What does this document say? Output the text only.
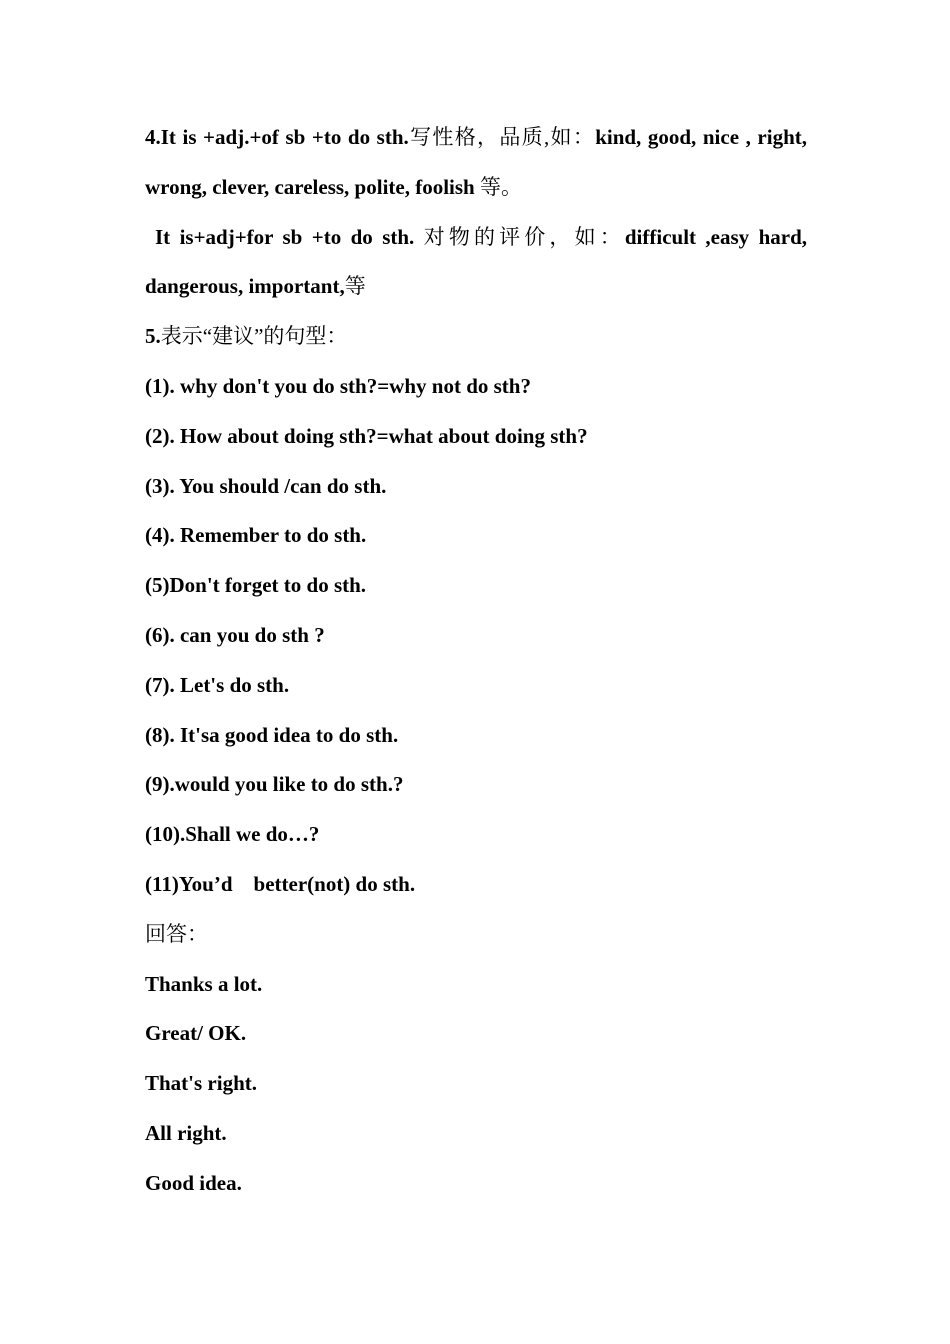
4.It is +adj.+of sb +to do sth.写性格，品质,如：kind, good, nice , right,
wrong, clever, careless, polite, foolish 等。
It is+adj+for sb +to do sth. 对物的评价，如：difficult ,easy hard,
dangerous, important,等
5.表示“建议”的句型：
(1). why don't you do sth?=why not do sth?
(2). How about doing sth?=what about doing sth?
(3). You should /can do sth.
(4). Remember to do sth.
(5)Don't forget to do sth.
(6). can you do sth ?
(7). Let's do sth.
(8). It'sa good idea to do sth.
(9).would you like to do sth.?
(10).Shall we do…?
(11)You’d    better(not) do sth.
回答：
Thanks a lot.
Great/ OK.
That's right.
All right.
Good idea.
